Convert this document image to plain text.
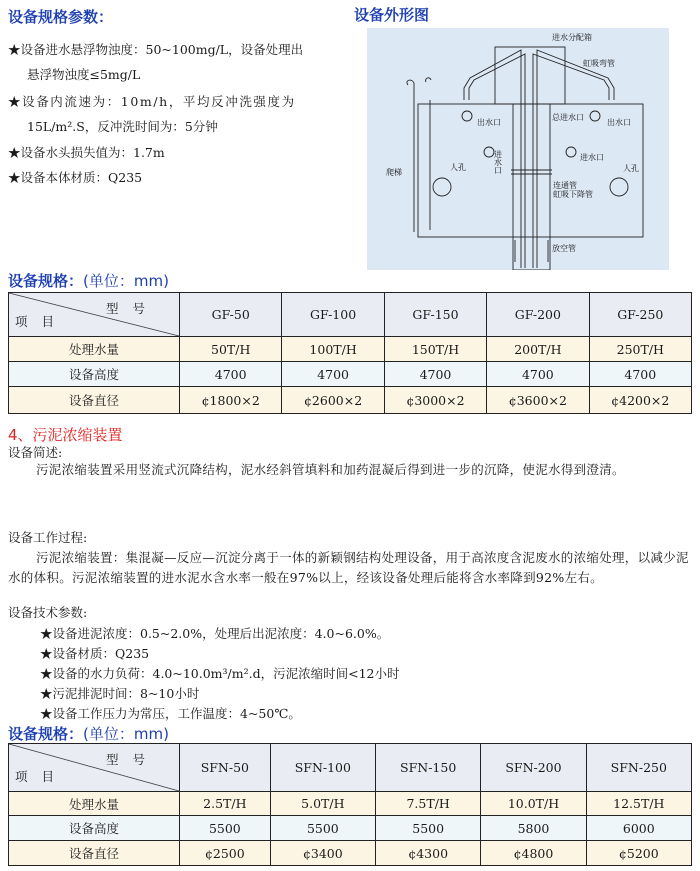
设备规格参数：
★设备进水悬浮物浊度：50~100mg/L，设备处理出
悬浮物浊度≤5mg/L
★设备内流速为：10m/h，平均反冲洗强度为
15L/m².S，反冲洗时间为：5分钟
★设备水头损失值为：1.7m
★设备本体材质：Q235
设备外形图
进水分配箱
虹吸弯管
出水口	出水口
总进水口
进水口	进水口
人孔	人孔
爬梯
连通管
虹吸下降管
放空管
设备规格：(单位：mm)
型号
项目	GF-50	GF-100	GF-150	GF-200	GF-250
处理水量	50T/H	100T/H	150T/H	200T/H	250T/H
设备高度	4700	4700	4700	4700	4700
设备直径	¢1800×2	¢2600×2	¢3000×2	¢3600×2	¢4200×2
4、污泥浓缩装置
设备简述:
污泥浓缩装置采用竖流式沉降结构，泥水经斜管填料和加药混凝后得到进一步的沉降，使泥水得到澄清。
设备工作过程:
污泥浓缩装置：集混凝—反应—沉淀分离于一体的新颖钢结构处理设备，用于高浓度含泥废水的浓缩处理，以减少泥水的体积。污泥浓缩装置的进水泥水含水率一般在97%以上，经该设备处理后能将含水率降到92%左右。
设备技术参数:
★设备进泥浓度：0.5~2.0%，处理后出泥浓度：4.0~6.0%。
★设备材质：Q235
★设备的水力负荷：4.0~10.0m³/m².d，污泥浓缩时间<12小时
★污泥排泥时间：8~10小时
★设备工作压力为常压，工作温度：4~50℃。
设备规格：(单位：mm)
型号
项目	SFN-50	SFN-100	SFN-150	SFN-200	SFN-250
处理水量	2.5T/H	5.0T/H	7.5T/H	10.0T/H	12.5T/H
设备高度	5500	5500	5500	5800	6000
设备直径	¢2500	¢3400	¢4300	¢4800	¢5200
